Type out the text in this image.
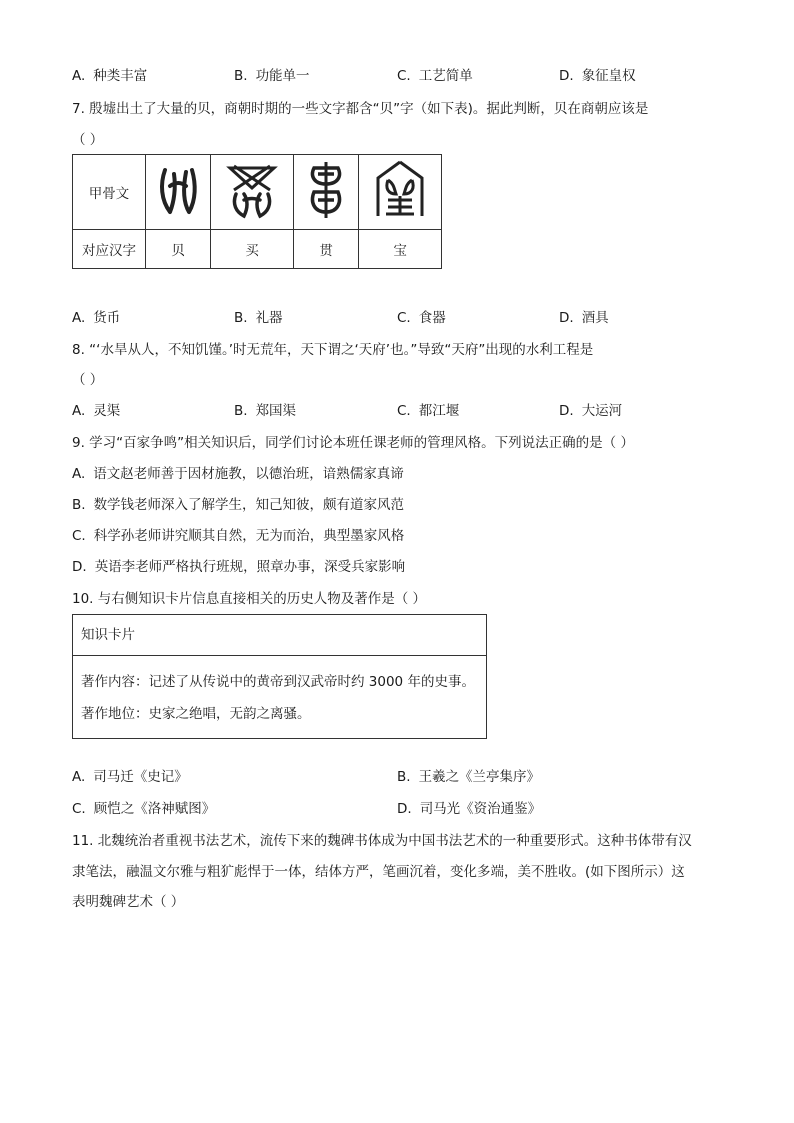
A. 种类丰富	B. 功能单一	C. 工艺简单	D. 象征皇权
7. 殷墟出土了大量的贝，商朝时期的一些文字都含“贝”字（如下表)。据此判断，贝在商朝应该是
（ ）
甲骨文				
对应汉字	贝	买	贯	宝
A. 货币	B. 礼器	C. 食器	D. 酒具
8. “‘水旱从人，不知饥馑。’时无荒年，天下谓之‘天府’也。”导致“天府”出现的水利工程是
（ ）
A. 灵渠	B. 郑国渠	C. 都江堰	D. 大运河
9. 学习“百家争鸣”相关知识后，同学们讨论本班任课老师的管理风格。下列说法正确的是（ ）
A. 语文赵老师善于因材施教，以德治班，谙熟儒家真谛
B. 数学钱老师深入了解学生，知己知彼，颇有道家风范
C. 科学孙老师讲究顺其自然，无为而治，典型墨家风格
D. 英语李老师严格执行班规，照章办事，深受兵家影响
10. 与右侧知识卡片信息直接相关的历史人物及著作是（ ）
知识卡片
著作内容：记述了从传说中的黄帝到汉武帝时约 3000 年的史事。
著作地位：史家之绝唱，无韵之离骚。
A. 司马迁《史记》	B. 王羲之《兰亭集序》
C. 顾恺之《洛神赋图》	D. 司马光《资治通鉴》
11. 北魏统治者重视书法艺术，流传下来的魏碑书体成为中国书法艺术的一种重要形式。这种书体带有汉
隶笔法，融温文尔雅与粗犷彪悍于一体，结体方严，笔画沉着，变化多端，美不胜收。(如下图所示）这
表明魏碑艺术（ ）
